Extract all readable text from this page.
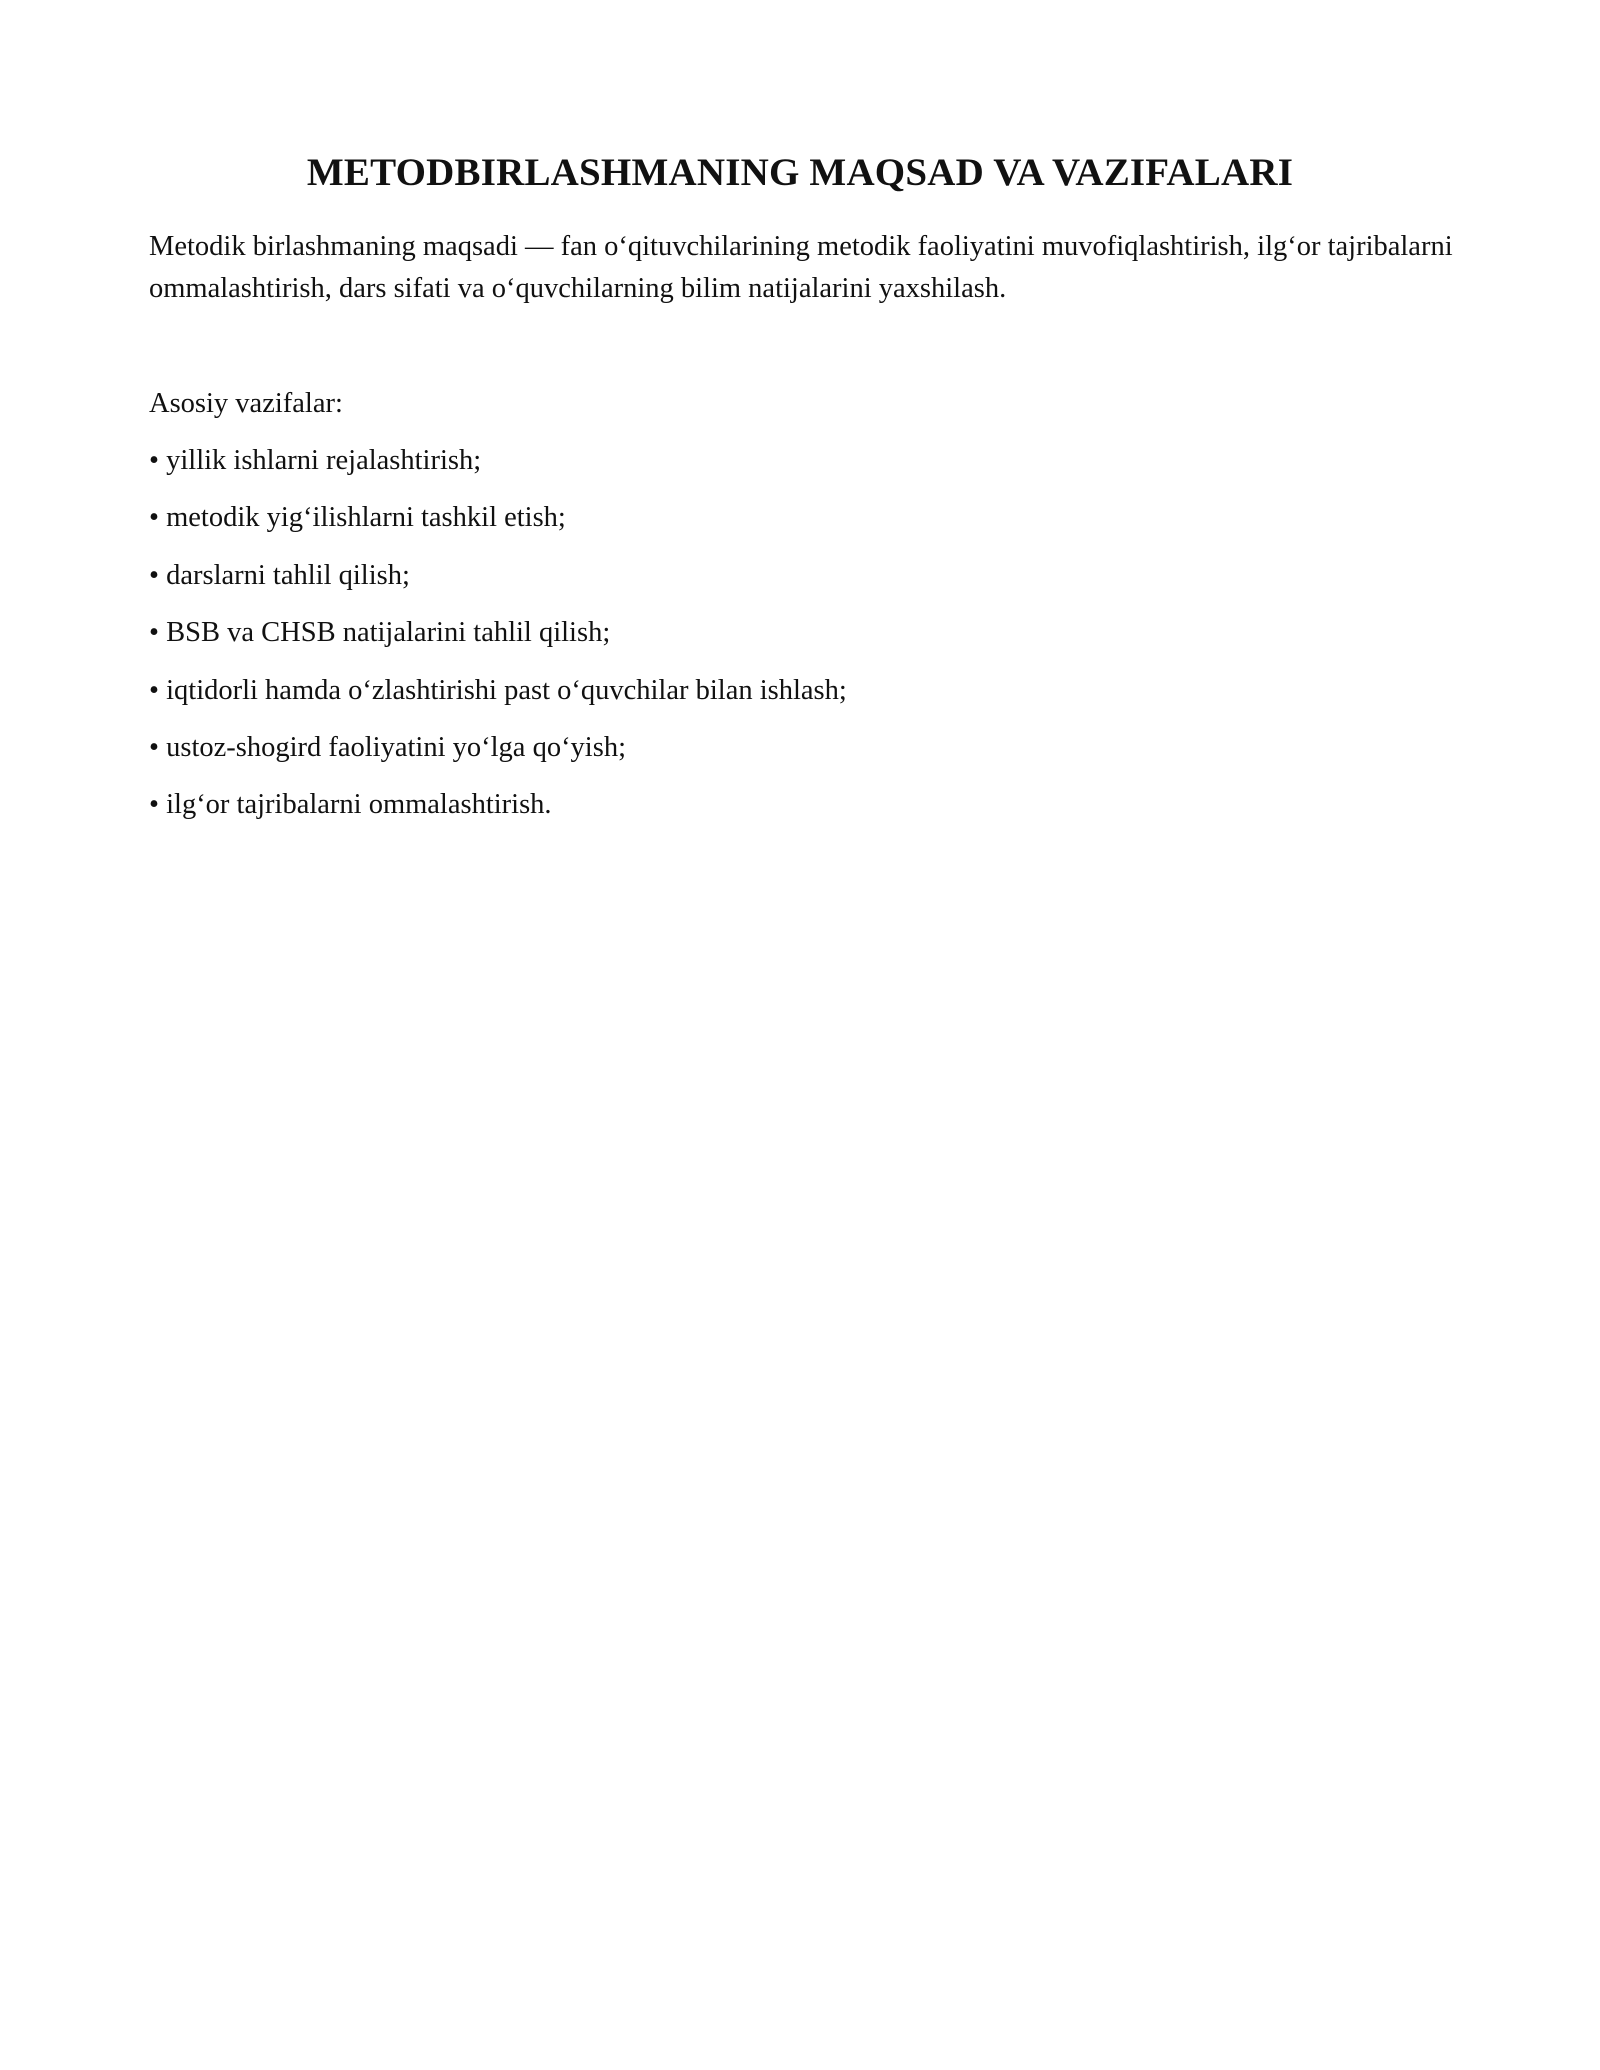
METODBIRLASHMANING MAQSAD VA VAZIFALARI

Metodik birlashmaning maqsadi — fan o‘qituvchilarining metodik faoliyatini muvofiqlashtirish, ilg‘or tajribalarni ommalashtirish, dars sifati va o‘quvchilarning bilim natijalarini yaxshilash.

Asosiy vazifalar:

• yillik ishlarni rejalashtirish;
• metodik yig‘ilishlarni tashkil etish;
• darslarni tahlil qilish;
• BSB va CHSB natijalarini tahlil qilish;
• iqtidorli hamda o‘zlashtirishi past o‘quvchilar bilan ishlash;
• ustoz-shogird faoliyatini yo‘lga qo‘yish;
• ilg‘or tajribalarni ommalashtirish.
